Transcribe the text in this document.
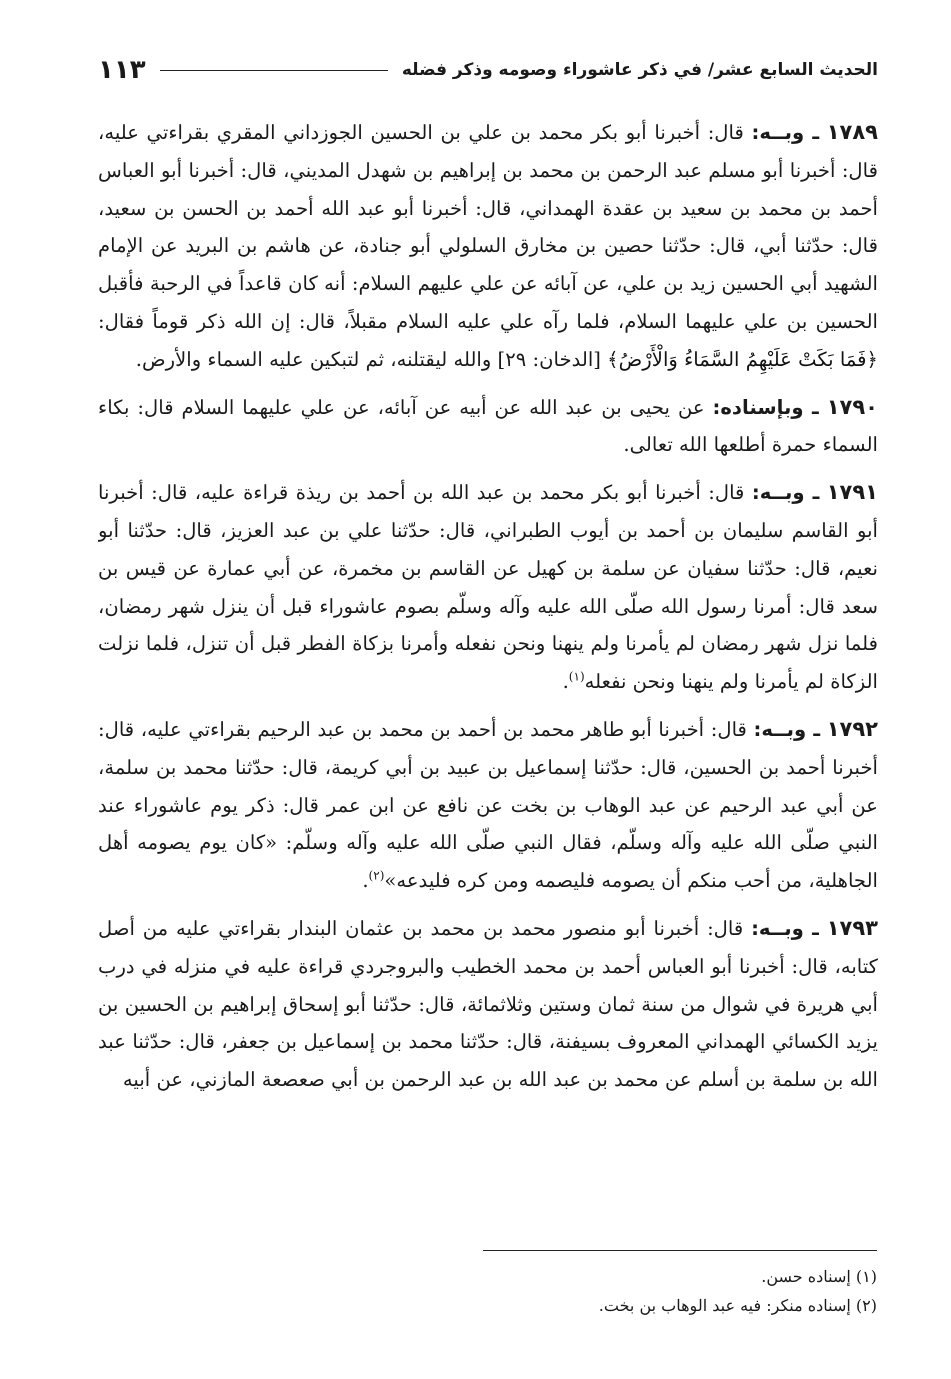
الحديث السابع عشر/ في ذكر عاشوراء وصومه وذكر فضله
١١٣

١٧٨٩ ـ وبــه: قال: أخبرنا أبو بكر محمد بن علي بن الحسين الجوزداني المقري بقراءتي عليه، قال: أخبرنا أبو مسلم عبد الرحمن بن محمد بن إبراهيم بن شهدل المديني، قال: أخبرنا أبو العباس أحمد بن محمد بن سعيد بن عقدة الهمداني، قال: أخبرنا أبو عبد الله أحمد بن الحسن بن سعيد، قال: حدّثنا أبي، قال: حدّثنا حصين بن مخارق السلولي أبو جنادة، عن هاشم بن البريد عن الإمام الشهيد أبي الحسين زيد بن علي، عن آبائه عن علي عليهم السلام: أنه كان قاعداً في الرحبة فأقبل الحسين بن علي عليهما السلام، فلما رآه علي عليه السلام مقبلاً، قال: إن الله ذكر قوماً فقال: ﴿فَمَا بَكَتْ عَلَيْهِمُ السَّمَاءُ وَالْأَرْضُ﴾ [الدخان: ٢٩] والله ليقتلنه، ثم لتبكين عليه السماء والأرض.

١٧٩٠ ـ وبإسناده: عن يحيى بن عبد الله عن أبيه عن آبائه، عن علي عليهما السلام قال: بكاء السماء حمرة أطلعها الله تعالى.

١٧٩١ ـ وبــه: قال: أخبرنا أبو بكر محمد بن عبد الله بن أحمد بن ريذة قراءة عليه، قال: أخبرنا أبو القاسم سليمان بن أحمد بن أيوب الطبراني، قال: حدّثنا علي بن عبد العزيز، قال: حدّثنا أبو نعيم، قال: حدّثنا سفيان عن سلمة بن كهيل عن القاسم بن مخمرة، عن أبي عمارة عن قيس بن سعد قال: أمرنا رسول الله صلّى الله عليه وآله وسلّم بصوم عاشوراء قبل أن ينزل شهر رمضان، فلما نزل شهر رمضان لم يأمرنا ولم ينهنا ونحن نفعله وأمرنا بزكاة الفطر قبل أن تنزل، فلما نزلت الزكاة لم يأمرنا ولم ينهنا ونحن نفعله$^{(١)}$.

١٧٩٢ ـ وبــه: قال: أخبرنا أبو طاهر محمد بن أحمد بن محمد بن عبد الرحيم بقراءتي عليه، قال: أخبرنا أحمد بن الحسين، قال: حدّثنا إسماعيل بن عبيد بن أبي كريمة، قال: حدّثنا محمد بن سلمة، عن أبي عبد الرحيم عن عبد الوهاب بن بخت عن نافع عن ابن عمر قال: ذكر يوم عاشوراء عند النبي صلّى الله عليه وآله وسلّم، فقال النبي صلّى الله عليه وآله وسلّم: «كان يوم يصومه أهل الجاهلية، من أحب منكم أن يصومه فليصمه ومن كره فليدعه»$^{(٢)}$.

١٧٩٣ ـ وبــه: قال: أخبرنا أبو منصور محمد بن محمد بن عثمان البندار بقراءتي عليه من أصل كتابه، قال: أخبرنا أبو العباس أحمد بن محمد الخطيب والبروجردي قراءة عليه في منزله في درب أبي هريرة في شوال من سنة ثمان وستين وثلاثمائة، قال: حدّثنا أبو إسحاق إبراهيم بن الحسين بن يزيد الكسائي الهمداني المعروف بسيفنة، قال: حدّثنا محمد بن إسماعيل بن جعفر، قال: حدّثنا عبد الله بن سلمة بن أسلم عن محمد بن عبد الله بن عبد الرحمن بن أبي صعصعة المازني، عن أبيه

(١) إسناده حسن.

(٢) إسناده منكر: فيه عبد الوهاب بن بخت.
